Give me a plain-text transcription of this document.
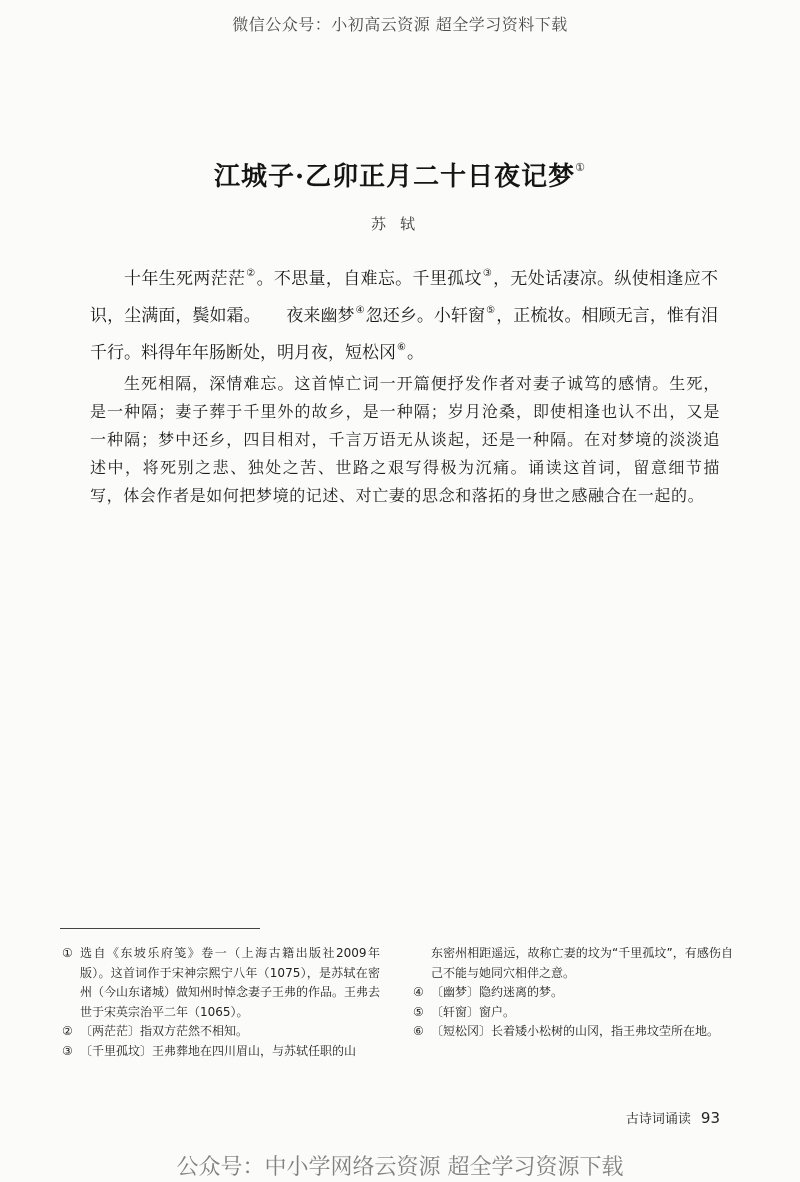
微信公众号：小初高云资源 超全学习资料下载
江城子·乙卯正月二十日夜记梦①
苏轼
十年生死两茫茫②。不思量，自难忘。千里孤坟③，无处话凄凉。纵使相逢应不识，尘满面，鬓如霜。　　夜来幽梦④忽还乡。小轩窗⑤，正梳妆。相顾无言，惟有泪千行。料得年年肠断处，明月夜，短松冈⑥。
生死相隔，深情难忘。这首悼亡词一开篇便抒发作者对妻子诚笃的感情。生死，是一种隔；妻子葬于千里外的故乡，是一种隔；岁月沧桑，即使相逢也认不出，又是一种隔；梦中还乡，四目相对，千言万语无从谈起，还是一种隔。在对梦境的淡淡追述中，将死别之悲、独处之苦、世路之艰写得极为沉痛。诵读这首词，留意细节描写，体会作者是如何把梦境的记述、对亡妻的思念和落拓的身世之感融合在一起的。
① 选自《东坡乐府笺》卷一（上海古籍出版社2009年版）。这首词作于宋神宗熙宁八年（1075），是苏轼在密州（今山东诸城）做知州时悼念妻子王弗的作品。王弗去世于宋英宗治平二年（1065）。
② 〔两茫茫〕指双方茫然不相知。
③ 〔千里孤坟〕王弗葬地在四川眉山，与苏轼任职的山
东密州相距遥远，故称亡妻的坟为“千里孤坟”，有感伤自己不能与她同穴相伴之意。
④ 〔幽梦〕隐约迷离的梦。
⑤ 〔轩窗〕窗户。
⑥ 〔短松冈〕长着矮小松树的山冈，指王弗坟茔所在地。
古诗词诵读 93
公众号：中小学网络云资源 超全学习资源下载
